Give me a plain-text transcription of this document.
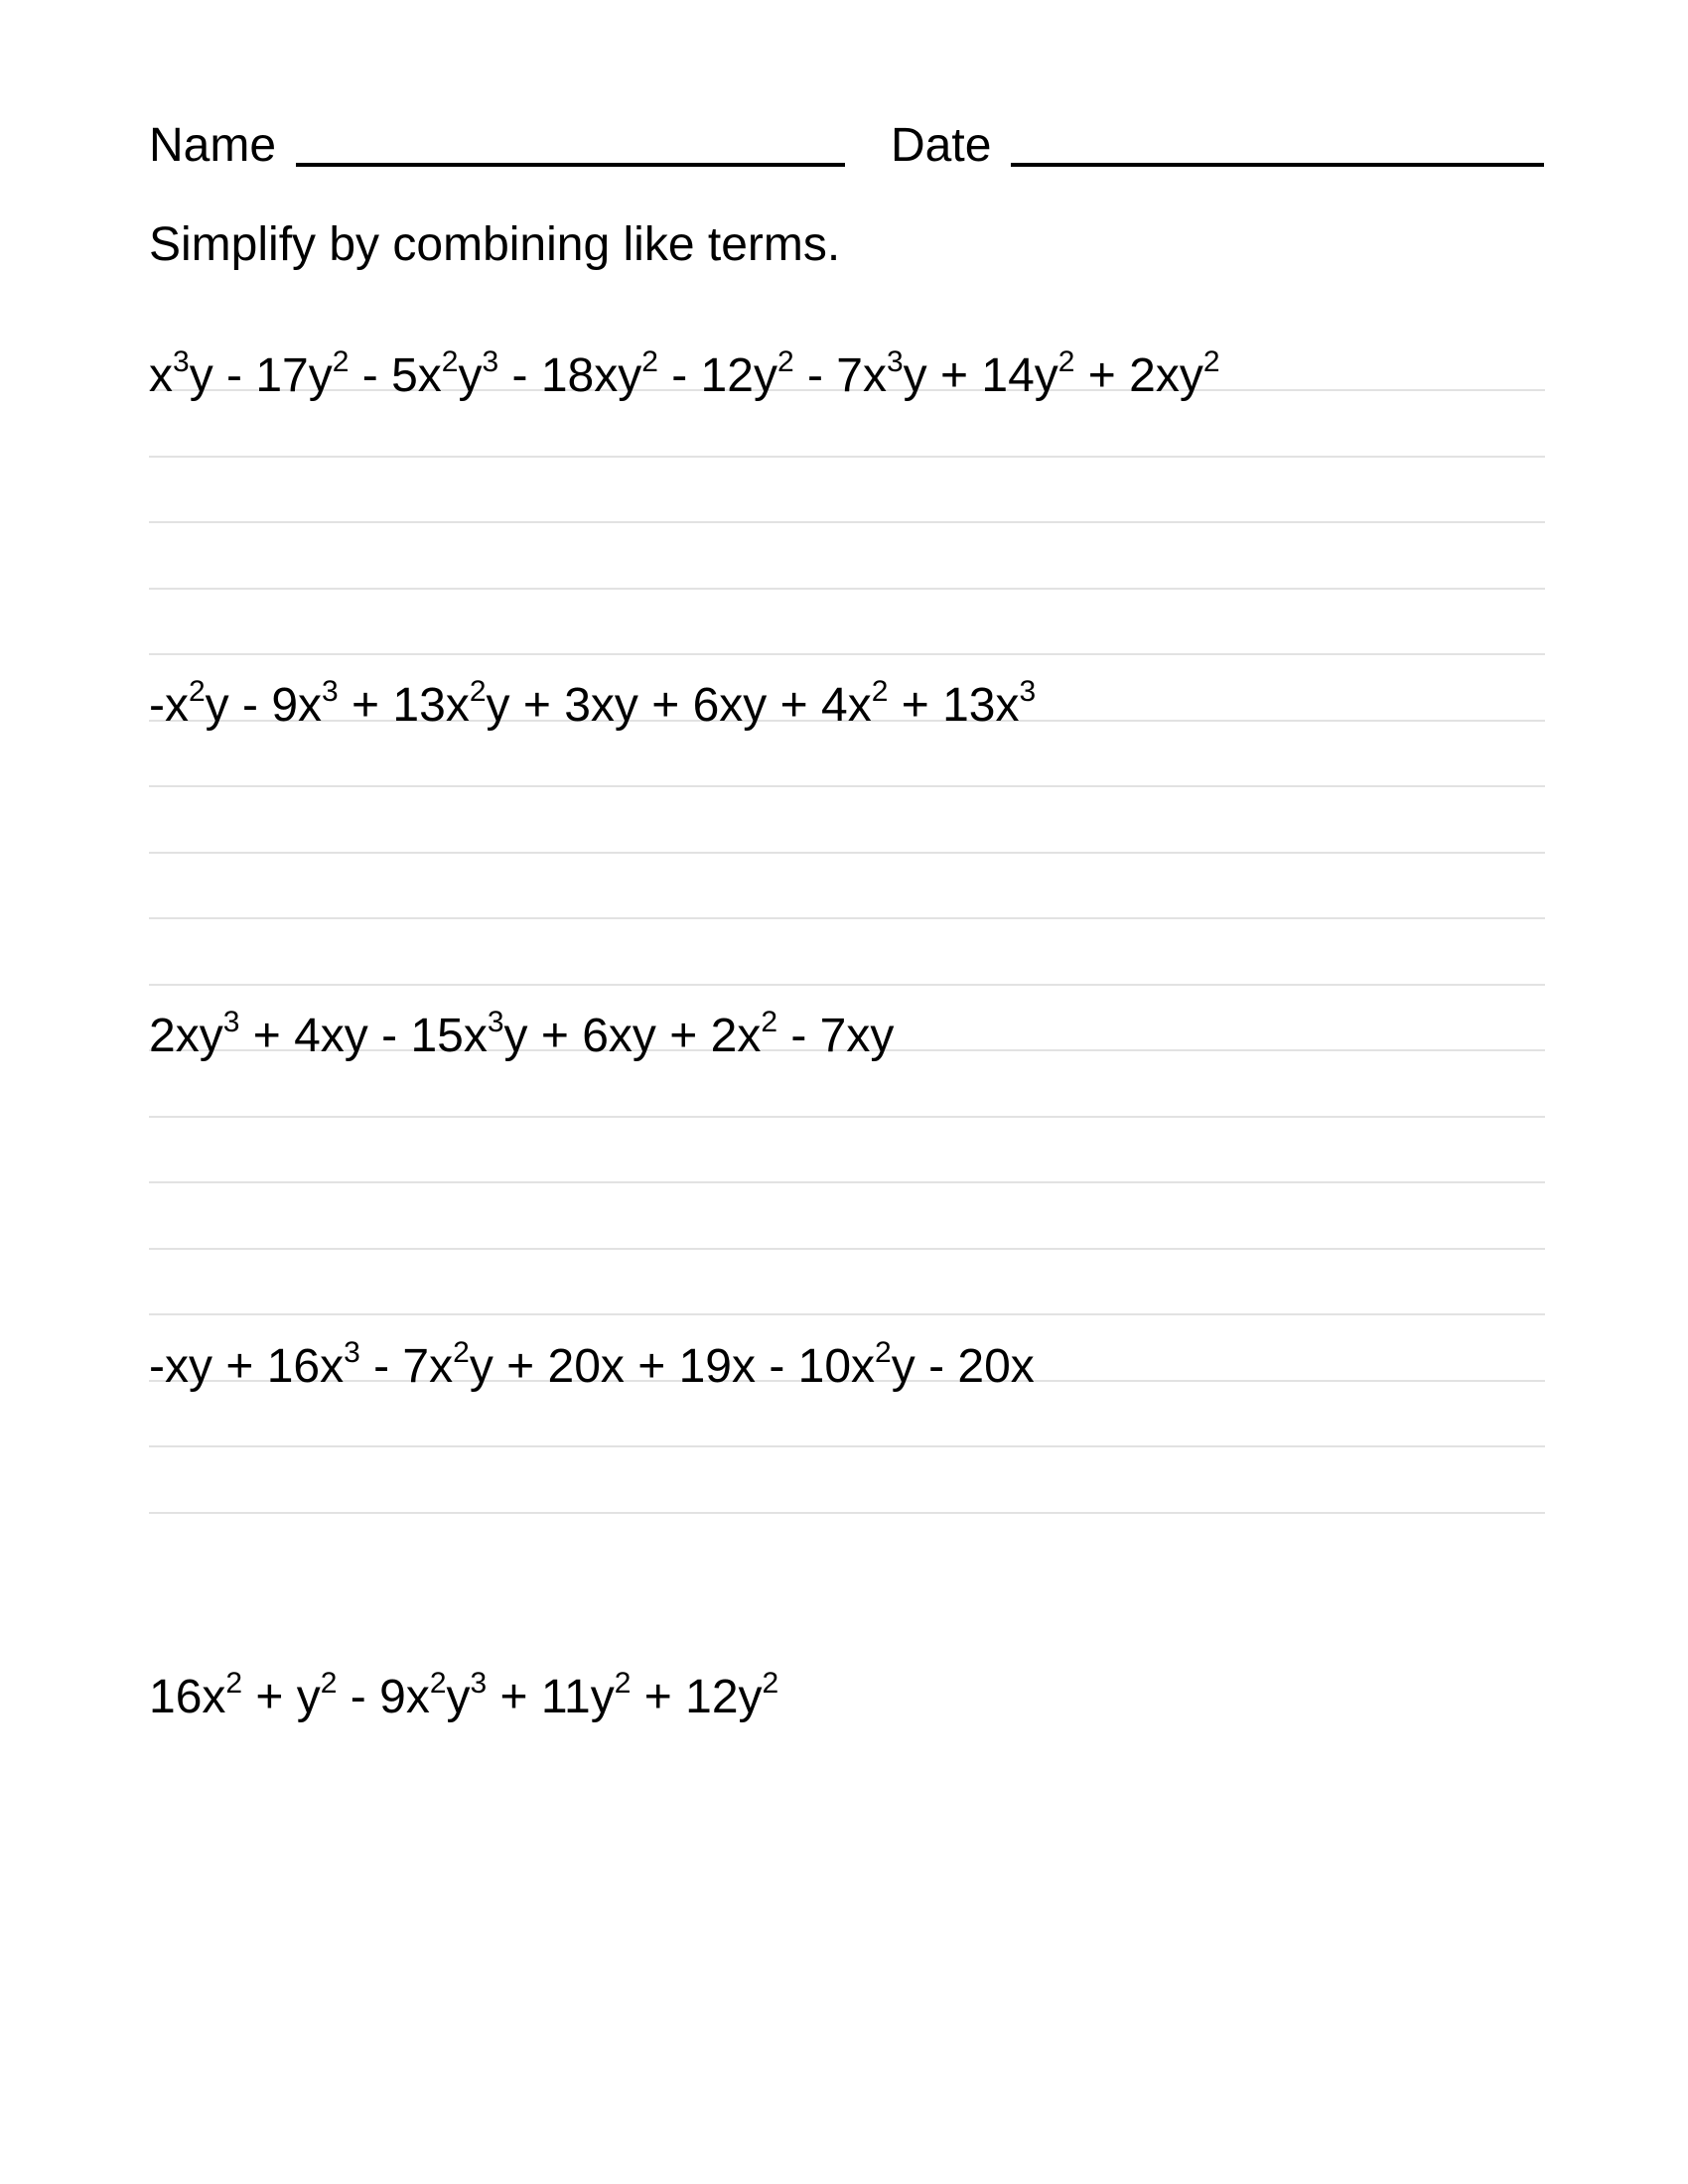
Name	Date
Simplify by combining like terms.
$x^3y - 17y^2 - 5x^2y^3 - 18xy^2 - 12y^2 - 7x^3y + 14y^2 + 2xy^2$
$-x^2y - 9x^3 + 13x^2y + 3xy + 6xy + 4x^2 + 13x^3$
$2xy^3 + 4xy - 15x^3y + 6xy + 2x^2 - 7xy$
$-xy + 16x^3 - 7x^2y + 20x + 19x - 10x^2y - 20x$
$16x^2 + y^2 - 9x^2y^3 + 11y^2 + 12y^2$
